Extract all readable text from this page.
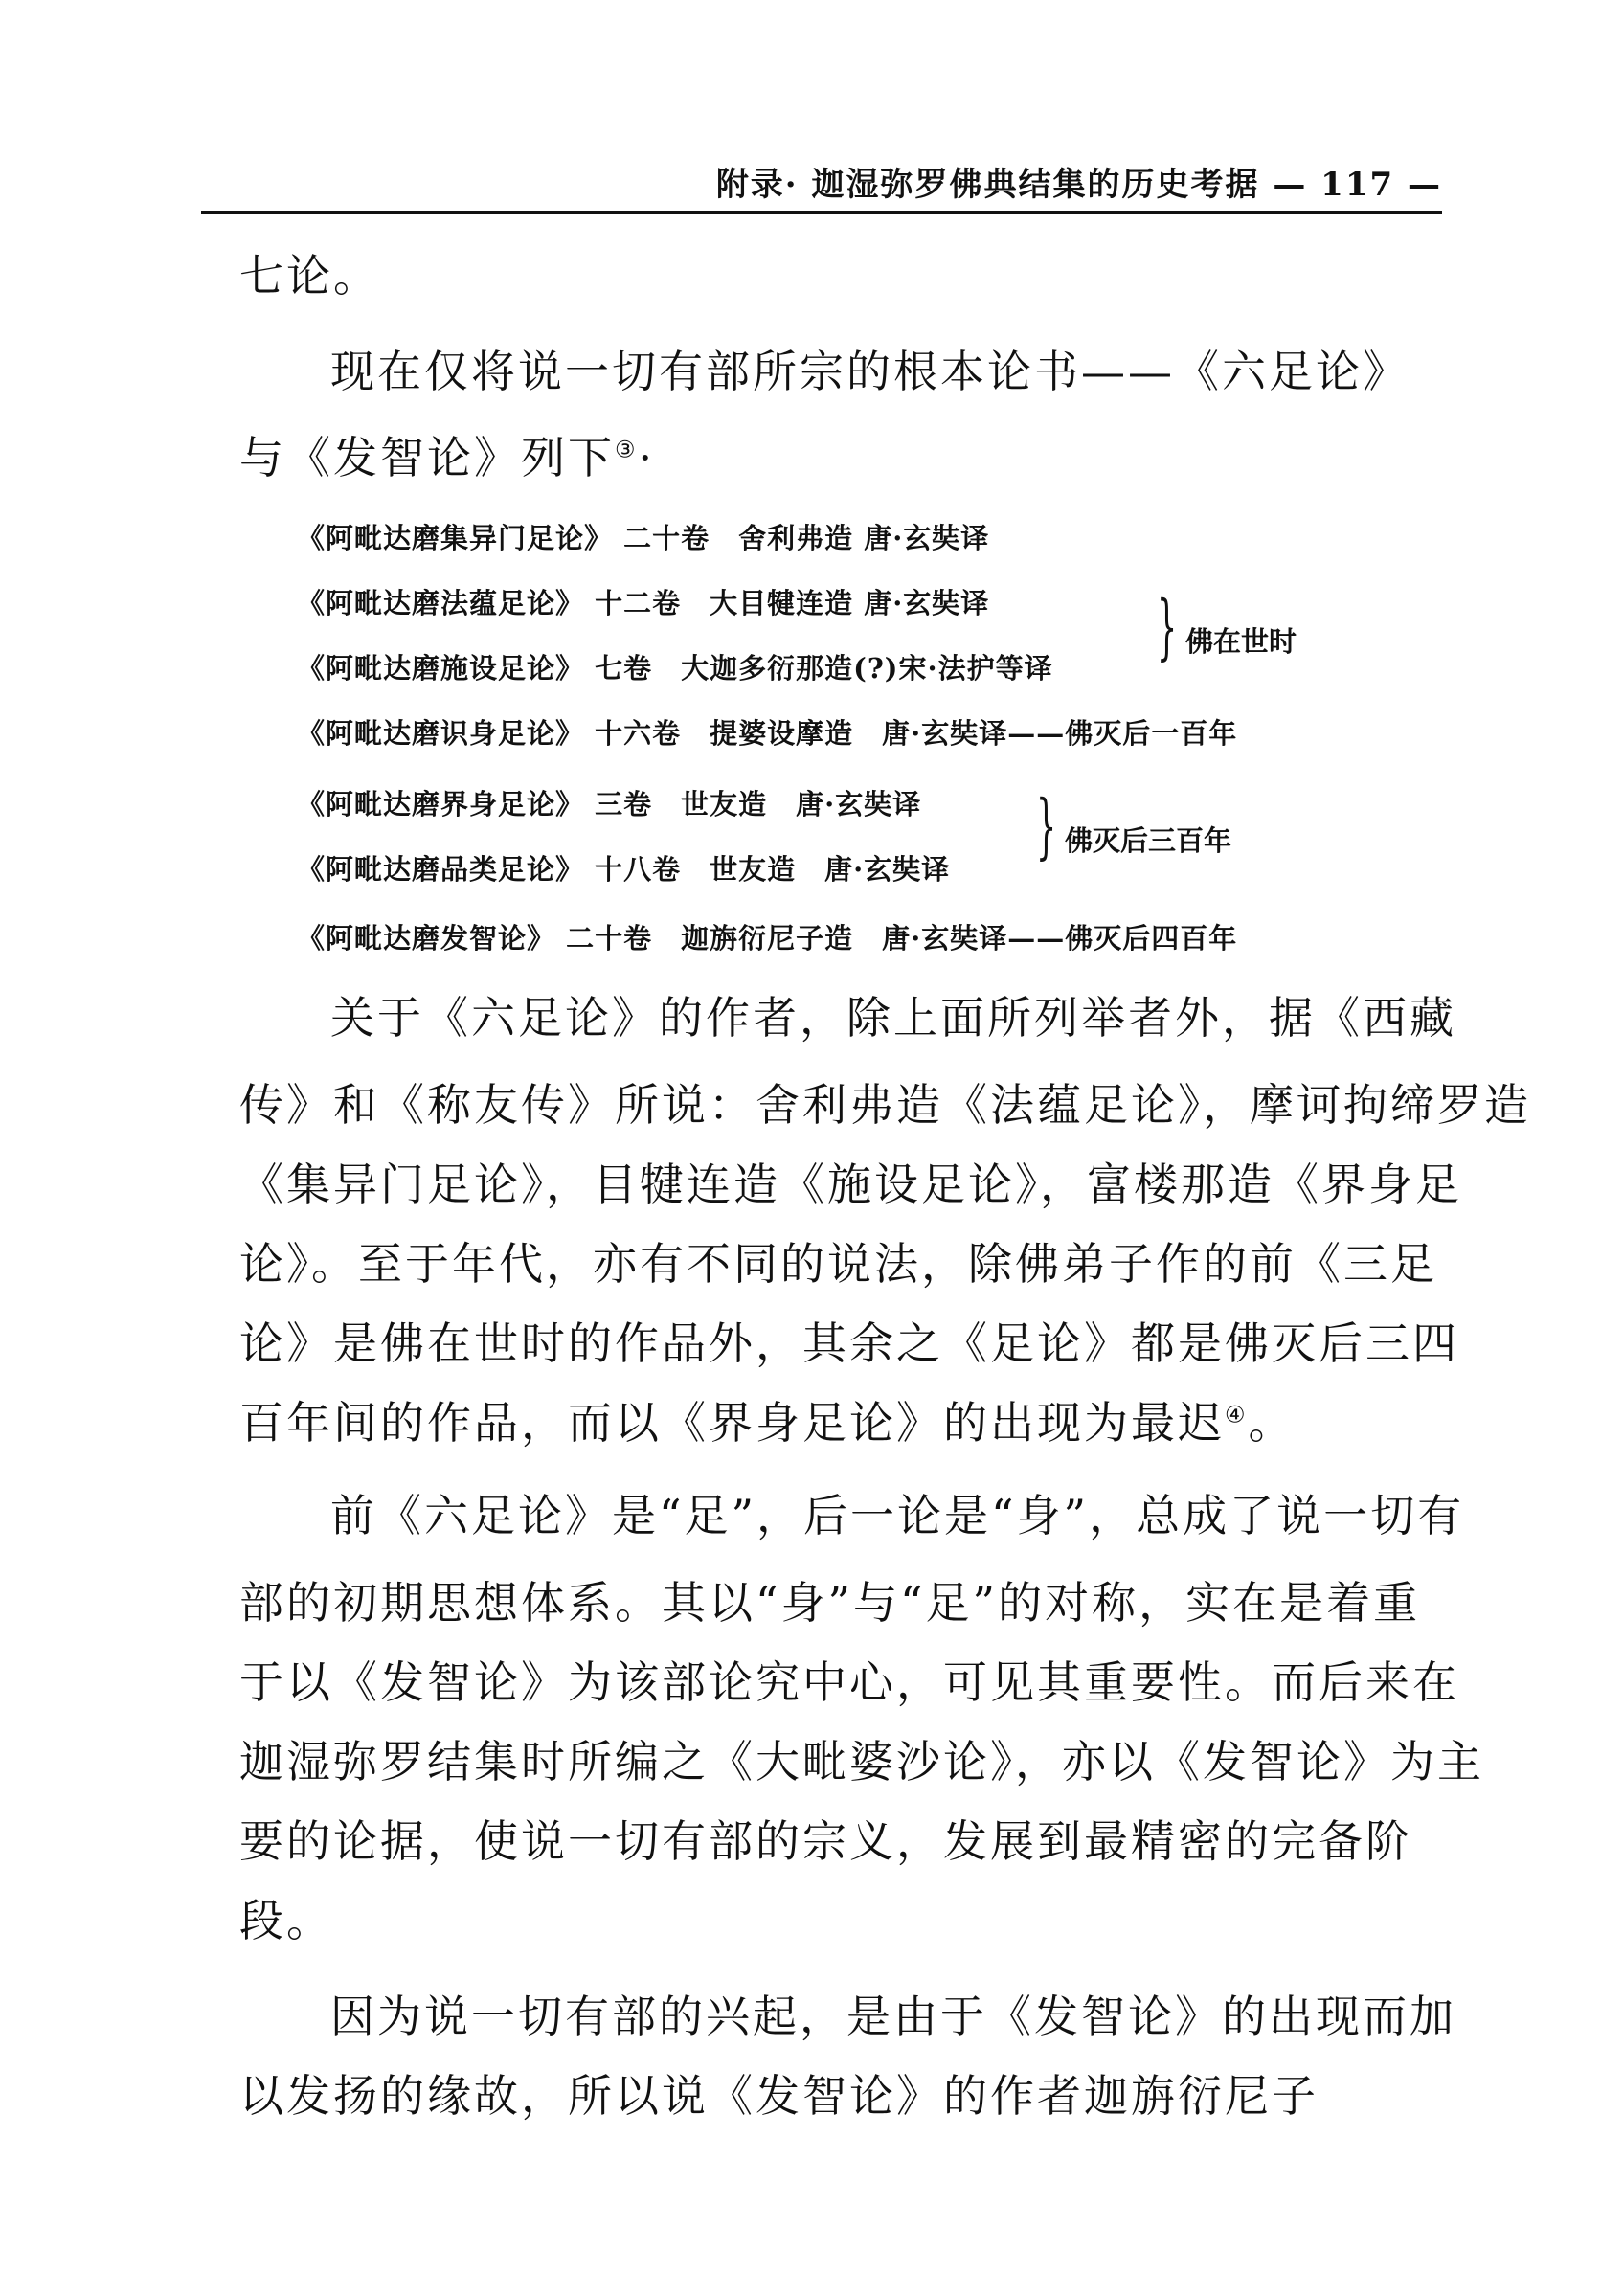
附录· 迦湿弥罗佛典结集的历史考据 — 117 —
七论。
现在仅将说一切有部所宗的根本论书——《六足论》
与《发智论》列下③·
《阿毗达磨集异门足论》 二十卷　舍利弗造 唐·玄奘译
《阿毗达磨法蕴足论》 十二卷　大目犍连造 唐·玄奘译
《阿毗达磨施设足论》 七卷　大迦多衍那造(?)宋·法护等译 } 佛在世时
《阿毗达磨识身足论》 十六卷　提婆设摩造　唐·玄奘译——佛灭后一百年
《阿毗达磨界身足论》 三卷　世友造　唐·玄奘译
《阿毗达磨品类足论》 十八卷　世友造　唐·玄奘译
} 佛灭后三百年
《阿毗达磨发智论》 二十卷　迦旃衍尼子造　唐·玄奘译——佛灭后四百年
关于《六足论》的作者，除上面所列举者外，据《西藏
传》和《称友传》所说：舍利弗造《法蕴足论》，摩诃拘缔罗造
《集异门足论》，目犍连造《施设足论》，富楼那造《界身足
论》。至于年代，亦有不同的说法，除佛弟子作的前《三足
论》是佛在世时的作品外，其余之《足论》都是佛灭后三四
百年间的作品，而以《界身足论》的出现为最迟④。
前《六足论》是“足”，后一论是“身”，总成了说一切有
部的初期思想体系。其以“身”与“足”的对称，实在是着重
于以《发智论》为该部论究中心，可见其重要性。而后来在
迦湿弥罗结集时所编之《大毗婆沙论》，亦以《发智论》为主
要的论据，使说一切有部的宗义，发展到最精密的完备阶
段。
因为说一切有部的兴起，是由于《发智论》的出现而加
以发扬的缘故，所以说《发智论》的作者迦旃衍尼子
